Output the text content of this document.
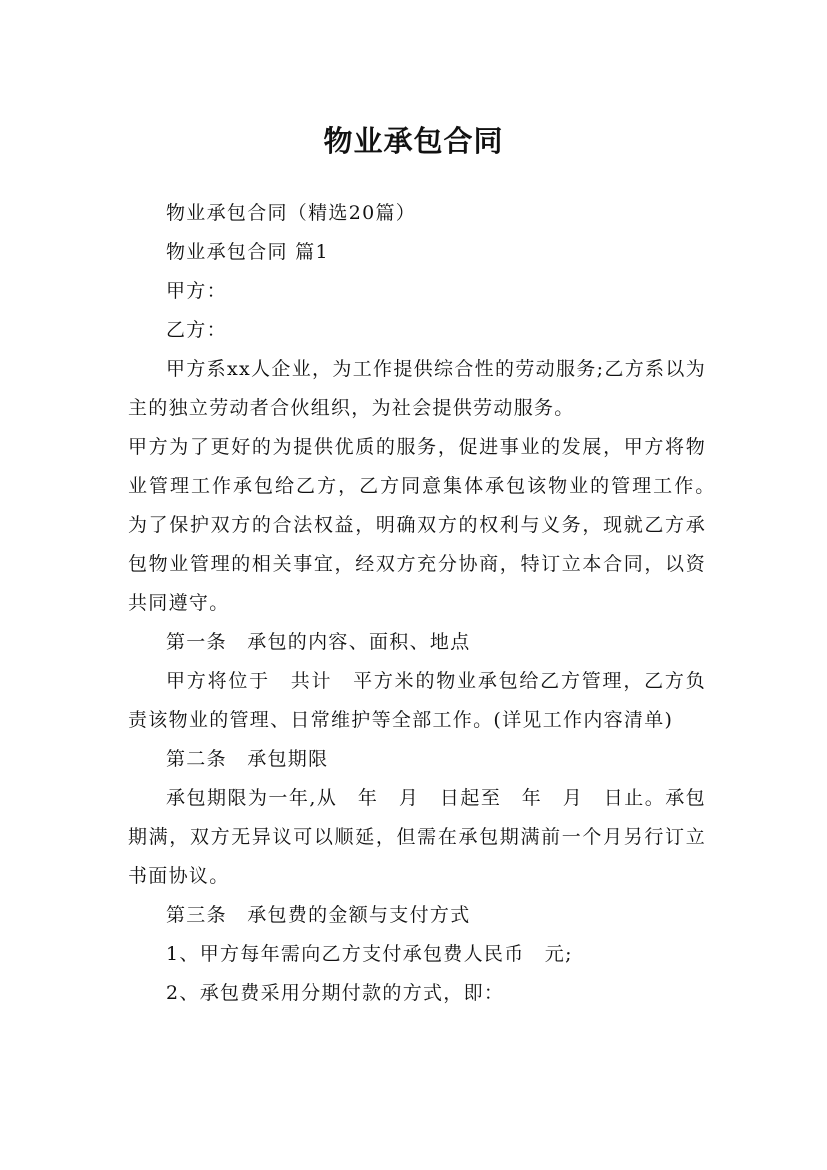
物业承包合同

物业承包合同（精选20篇）

物业承包合同 篇1

甲方：

乙方：

甲方系xx人企业，为工作提供综合性的劳动服务;乙方系以为主的独立劳动者合伙组织，为社会提供劳动服务。

甲方为了更好的为提供优质的服务，促进事业的发展，甲方将物业管理工作承包给乙方，乙方同意集体承包该物业的管理工作。　为了保护双方的合法权益，明确双方的权利与义务，现就乙方承包物业管理的相关事宜，经双方充分协商，特订立本合同，以资共同遵守。

第一条　承包的内容、面积、地点

甲方将位于　共计　平方米的物业承包给乙方管理，乙方负责该物业的管理、日常维护等全部工作。(详见工作内容清单)

第二条　承包期限

承包期限为一年,从　年　月　日起至　年　月　日止。承包期满，双方无异议可以顺延，但需在承包期满前一个月另行订立书面协议。

第三条　承包费的金额与支付方式

1、甲方每年需向乙方支付承包费人民币　元;

2、承包费采用分期付款的方式，即：
